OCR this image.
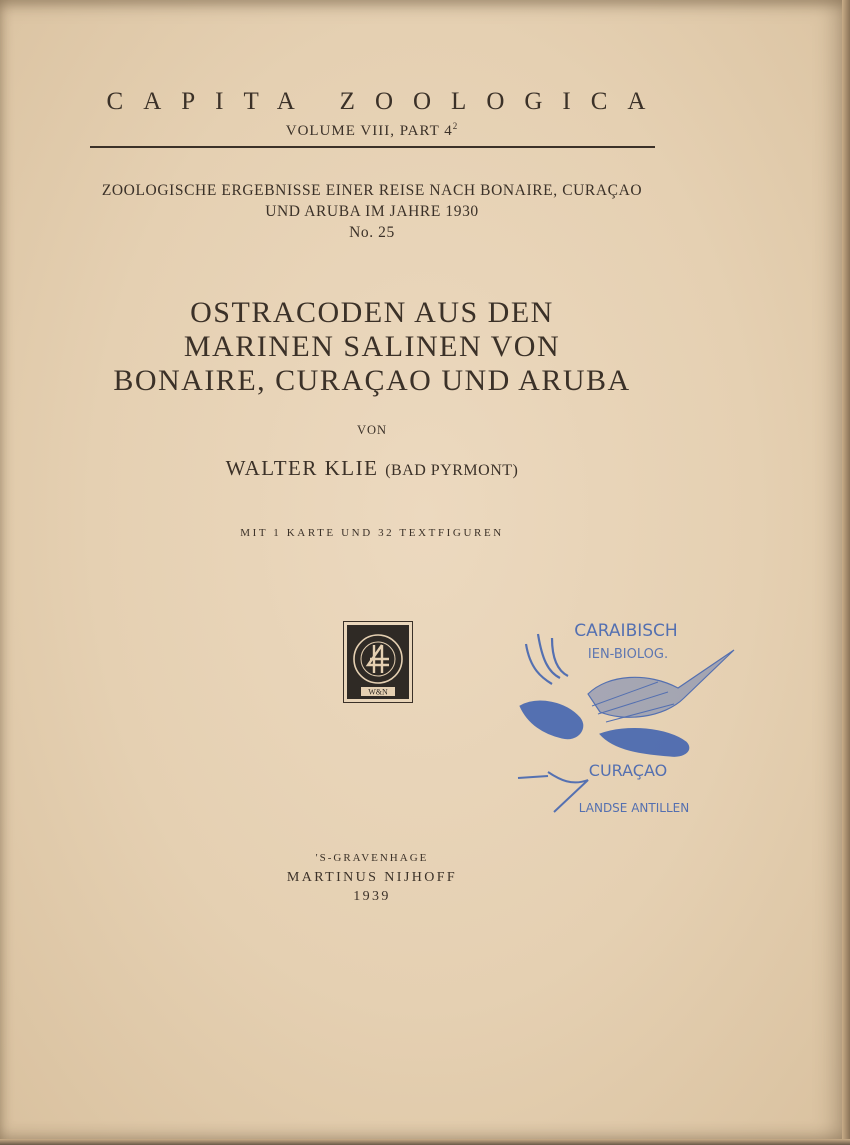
CAPITA ZOOLOGICA
VOLUME VIII, PART $4^2$
ZOOLOGISCHE ERGEBNISSE EINER REISE NACH BONAIRE, CURAÇAO
UND ARUBA IM JAHRE 1930
No. 25
OSTRACODEN AUS DEN
MARINEN SALINEN VON
BONAIRE, CURAÇAO UND ARUBA
VON
WALTER KLIE (BAD PYRMONT)
MIT 1 KARTE UND 32 TEXTFIGUREN
W&N
CARAIBISCH
IEN-BIOLOG.
CURAÇAO
LANDSE ANTILLEN
'S-GRAVENHAGE
MARTINUS NIJHOFF
1939
